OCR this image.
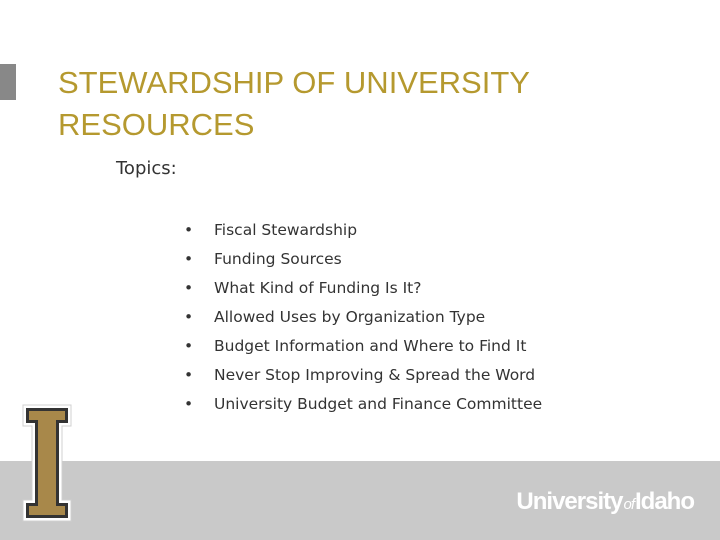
STEWARDSHIP OF UNIVERSITY
RESOURCES

Topics:

• Fiscal Stewardship
• Funding Sources
• What Kind of Funding Is It?
• Allowed Uses by Organization Type
• Budget Information and Where to Find It
• Never Stop Improving & Spread the Word
• University Budget and Finance Committee
UniversityofIdaho
